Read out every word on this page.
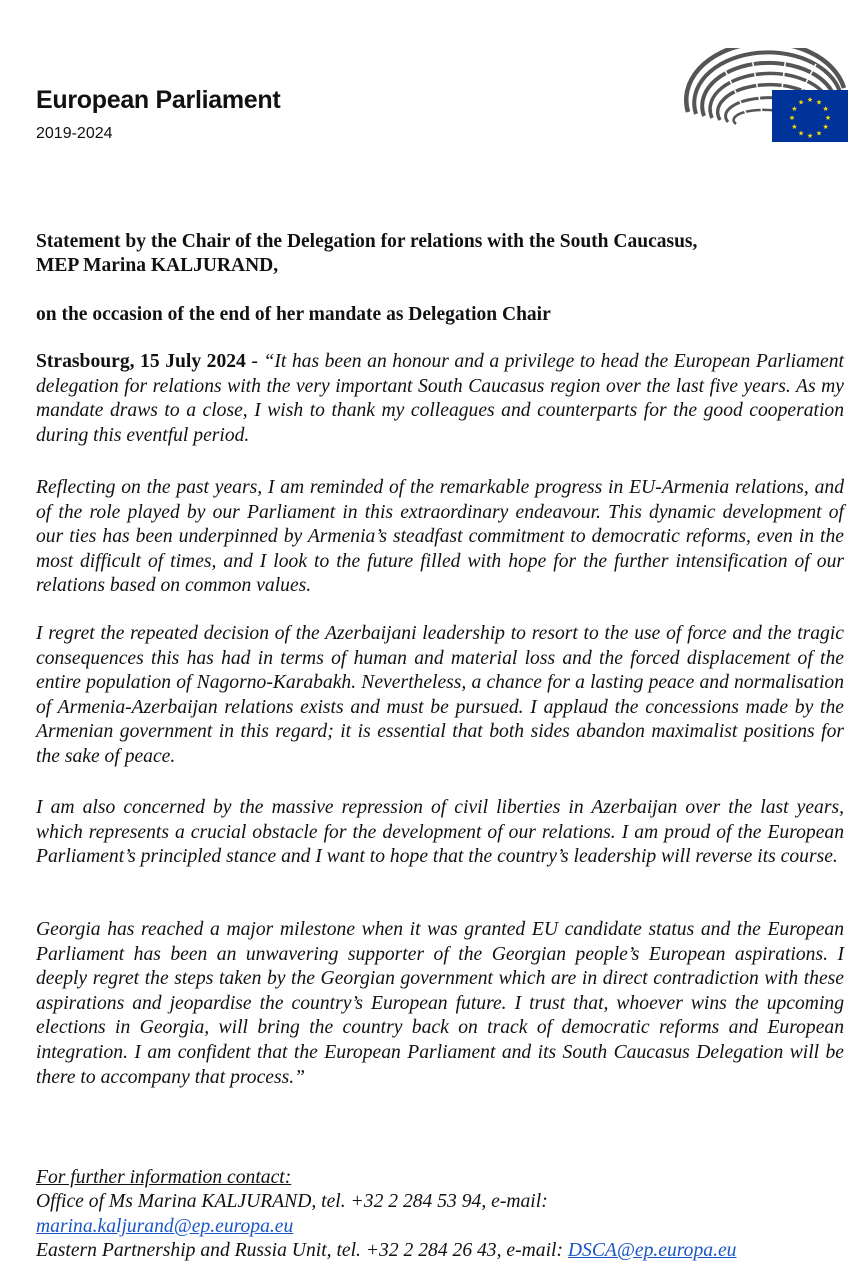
European Parliament

2019-2024

★ ★
★
★
★
★
★
★
★
★
★
★

Statement by the Chair of the Delegation for relations with the South Caucasus,

MEP Marina KALJURAND,

on the occasion of the end of her mandate as Delegation Chair

Strasbourg, 15 July 2024 - “It has been an honour and a privilege to head the European Parliament delegation for relations with the very important South Caucasus region over the last five years. As my mandate draws to a close, I wish to thank my colleagues and counterparts for the good cooperation during this eventful period.

Reflecting on the past years, I am reminded of the remarkable progress in EU-Armenia relations, and of the role played by our Parliament in this extraordinary endeavour. This dynamic development of our ties has been underpinned by Armenia’s steadfast commitment to democratic reforms, even in the most difficult of times, and I look to the future filled with hope for the further intensification of our relations based on common values.

I regret the repeated decision of the Azerbaijani leadership to resort to the use of force and the tragic consequences this has had in terms of human and material loss and the forced displacement of the entire population of Nagorno-Karabakh. Nevertheless, a chance for a lasting peace and normalisation of Armenia-Azerbaijan relations exists and must be pursued. I applaud the concessions made by the Armenian government in this regard; it is essential that both sides abandon maximalist positions for the sake of peace.

I am also concerned by the massive repression of civil liberties in Azerbaijan over the last years, which represents a crucial obstacle for the development of our relations. I am proud of the European Parliament’s principled stance and I want to hope that the country’s leadership will reverse its course.

Georgia has reached a major milestone when it was granted EU candidate status and the European Parliament has been an unwavering supporter of the Georgian people’s European aspirations. I deeply regret the steps taken by the Georgian government which are in direct contradiction with these aspirations and jeopardise the country’s European future. I trust that, whoever wins the upcoming elections in Georgia, will bring the country back on track of democratic reforms and European integration. I am confident that the European Parliament and its South Caucasus Delegation will be there to accompany that process.”

For further information contact:
Office of Ms Marina KALJURAND, tel. +32 2 284 53 94, e-mail:
marina.kaljurand@ep.europa.eu
Eastern Partnership and Russia Unit, tel. +32 2 284 26 43, e-mail: DSCA@ep.europa.eu
